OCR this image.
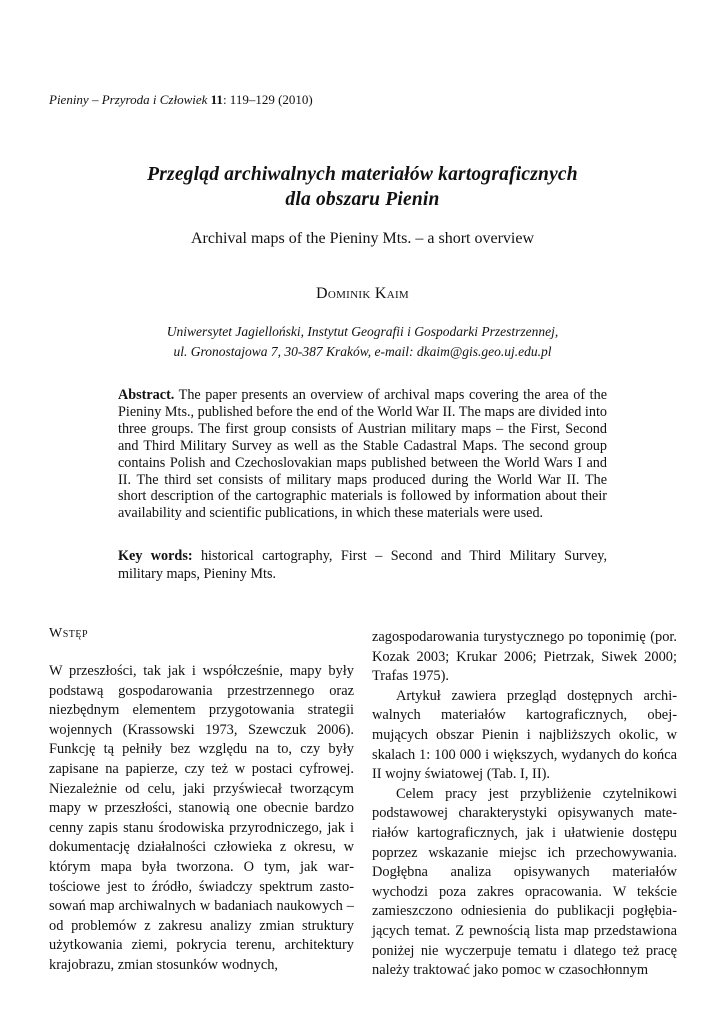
Pieniny – Przyroda i Człowiek 11: 119–129 (2010)
Przegląd archiwalnych materiałów kartograficznych
dla obszaru Pienin
Archival maps of the Pieniny Mts. – a short overview
Dominik Kaim
Uniwersytet Jagielloński, Instytut Geografii i Gospodarki Przestrzennej,
ul. Gronostajowa 7, 30-387 Kraków, e-mail: dkaim@gis.geo.uj.edu.pl
Abstract. The paper presents an overview of archival maps covering the area of the Pieniny Mts., published before the end of the World War II. The maps are divided into three groups. The first group consists of Austrian military maps – the First, Second and Third Military Survey as well as the Stable Cadastral Maps. The second group contains Polish and Czechoslovakian maps published between the World Wars I and II. The third set consists of military maps produced during the World War II. The short description of the cartographic materials is followed by information about their availability and scientific publications, in which these materials were used.
Key words: historical cartography, First – Second and Third Military Survey, military maps, Pieniny Mts.
Wstęp

W przeszłości, tak jak i współcześnie, mapy były podstawą gospodarowania przestrzennego oraz niezbędnym elementem przygotowania strategii wojennych (Krassowski 1973, Szewczuk 2006). Funkcję tą pełniły bez względu na to, czy były zapisane na papierze, czy też w postaci cyfrowej. Niezależnie od celu, jaki przyświecał tworzącym mapy w przeszłości, stanowią one obecnie bardzo cenny zapis stanu środowiska przyrodniczego, jak i dokumentację działalności człowieka z okresu, w którym mapa była tworzona. O tym, jak wartościowe jest to źródło, świadczy spektrum zastosowań map archiwalnych w badaniach naukowych – od problemów z zakresu analizy zmian struktury użytkowania ziemi, pokrycia terenu, architektury krajobrazu, zmian stosunków wodnych,

zagospodarowania turystycznego po toponimię (por. Kozak 2003; Krukar 2006; Pietrzak, Siwek 2000; Trafas 1975).

Artykuł zawiera przegląd dostępnych archiwalnych materiałów kartograficznych, obejmujących obszar Pienin i najbliższych okolic, w skalach 1: 100 000 i większych, wydanych do końca II wojny światowej (Tab. I, II).

Celem pracy jest przybliżenie czytelnikowi podstawowej charakterystyki opisywanych materiałów kartograficznych, jak i ułatwienie dostępu poprzez wskazanie miejsc ich przechowywania. Dogłębna analiza opisywanych materiałów wychodzi poza zakres opracowania. W tekście zamieszczono odniesienia do publikacji pogłębiających temat. Z pewnością lista map przedstawiona poniżej nie wyczerpuje tematu i dlatego też pracę należy traktować jako pomoc w czasochłonnym
